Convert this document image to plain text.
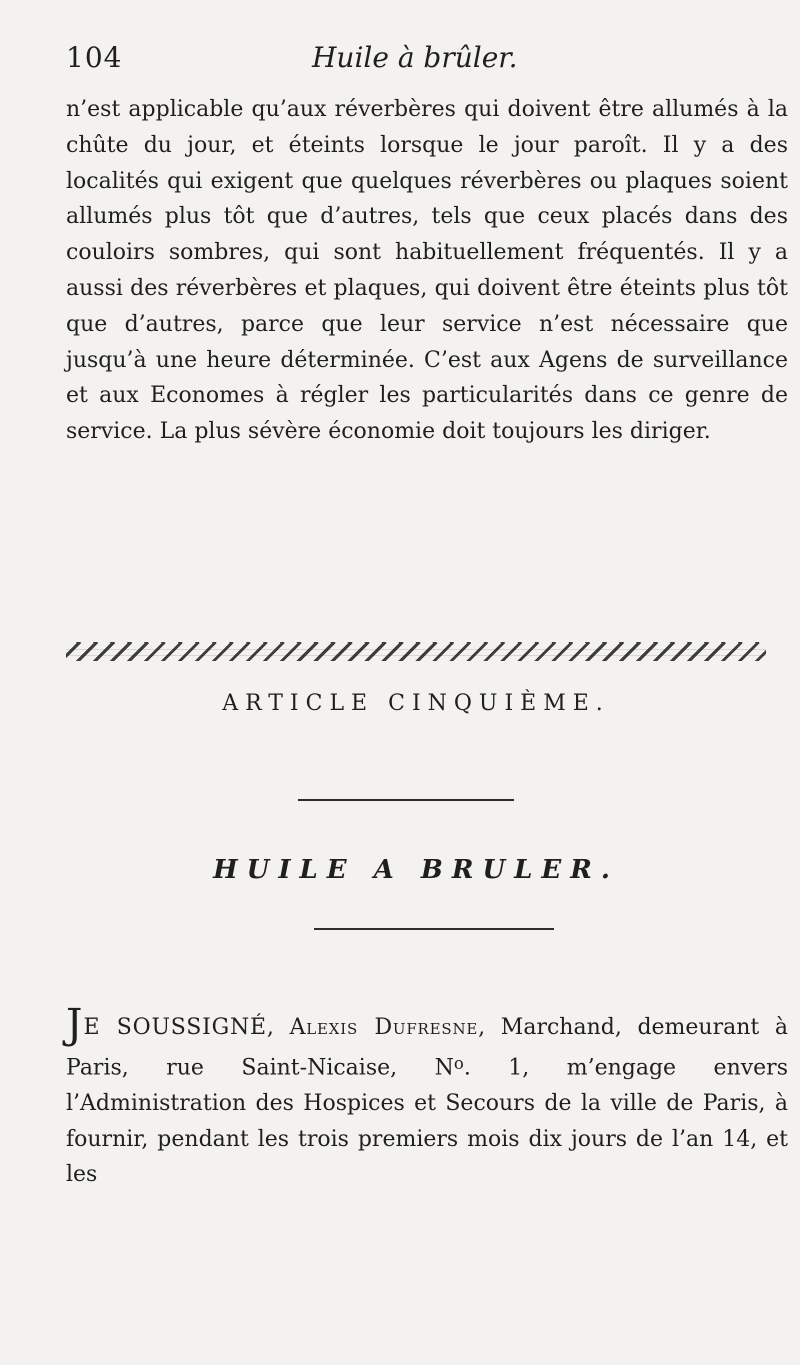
104	Huile à brûler.

n’est applicable qu’aux réverbères qui doivent être allumés à la chûte du jour, et éteints lorsque le jour paroît. Il y a des localités qui exigent que quelques réverbères ou plaques soient allumés plus tôt que d’autres, tels que ceux placés dans des couloirs sombres, qui sont habituellement fréquentés. Il y a aussi des réverbères et plaques, qui doivent être éteints plus tôt que d’autres, parce que leur service n’est nécessaire que jusqu’à une heure déterminée. C’est aux Agens de surveillance et aux Economes à régler les particularités dans ce genre de service. La plus sévère économie doit toujours les diriger.

ARTICLE CINQUIÈME.
HUILE A BRULER.

JE SOUSSIGNÉ, Alexis Dufresne, Marchand, demeurant à Paris, rue Saint-Nicaise, $N^o$. 1, m’engage envers l’Administration des Hospices et Secours de la ville de Paris, à fournir, pendant les trois premiers mois dix jours de l’an 14, et les
